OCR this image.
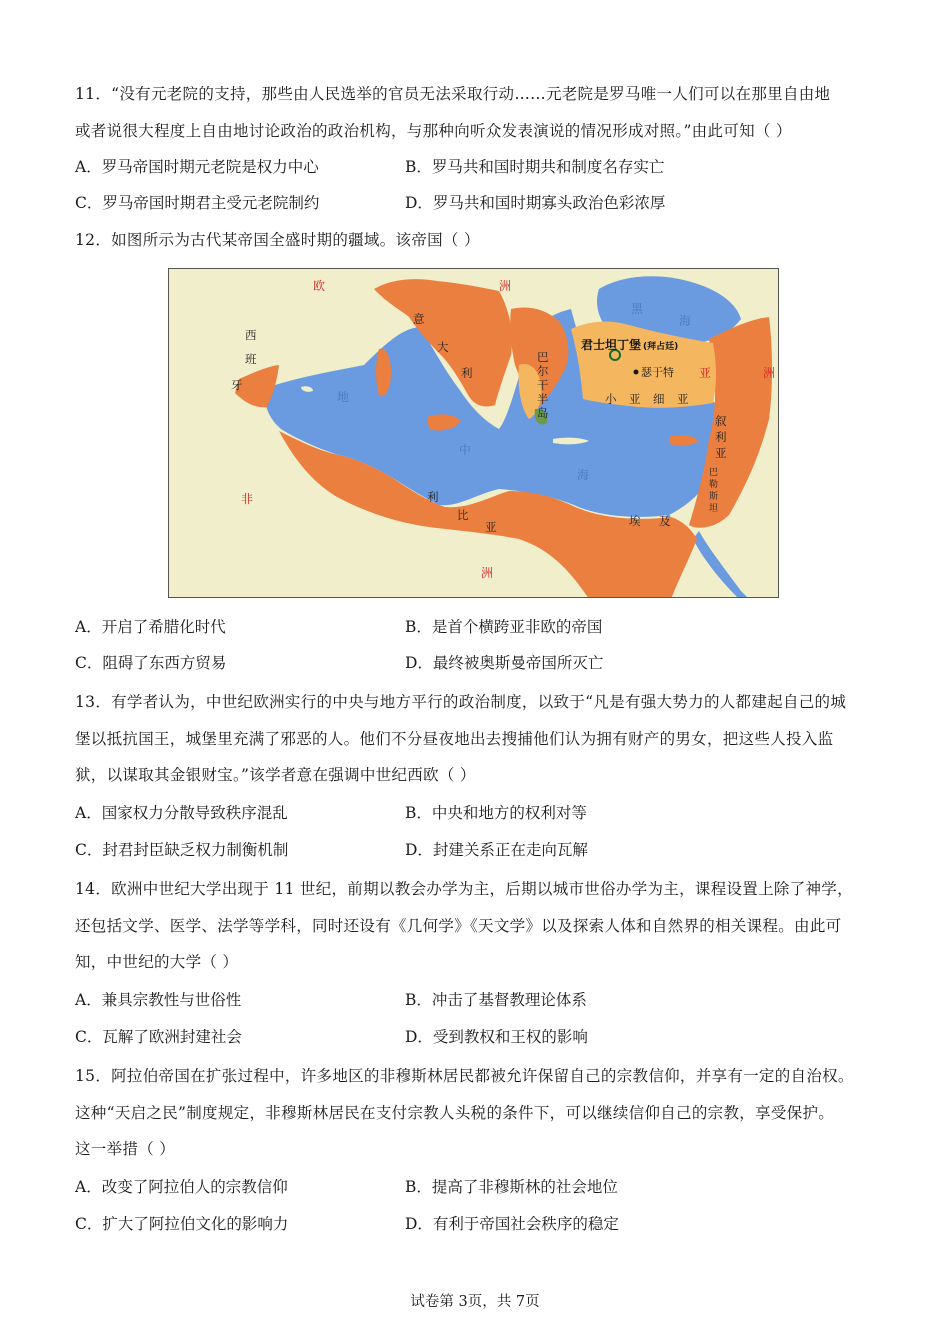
11．“没有元老院的支持，那些由人民选举的官员无法采取行动……元老院是罗马唯一人们可以在那里自由地

或者说很大程度上自由地讨论政治的政治机构，与那种向听众发表演说的情况形成对照。”由此可知（ ）

A．罗马帝国时期元老院是权力中心	B．罗马共和国时期共和制度名存实亡
C．罗马帝国时期君主受元老院制约	D．罗马共和国时期寡头政治色彩浓厚

12．如图所示为古代某帝国全盛时期的疆域。该帝国（ ）

欧	洲
亚	洲
非
洲
西
班
牙
意
大
利
巴
尔
干
半
岛
小 亚 细 亚
叙
利
亚
利
比
亚	埃 及
巴
勒
斯
坦
地
中
海
黑
海
君士坦丁堡 (拜占廷)
瑟于特
A．开启了希腊化时代	B．是首个横跨亚非欧的帝国
C．阻碍了东西方贸易	D．最终被奥斯曼帝国所灭亡

13．有学者认为，中世纪欧洲实行的中央与地方平行的政治制度，以致于“凡是有强大势力的人都建起自己的城

堡以抵抗国王，城堡里充满了邪恶的人。他们不分昼夜地出去搜捕他们认为拥有财产的男女，把这些人投入监

狱，以谋取其金银财宝。”该学者意在强调中世纪西欧（ ）

A．国家权力分散导致秩序混乱	B．中央和地方的权利对等
C．封君封臣缺乏权力制衡机制	D．封建关系正在走向瓦解

14．欧洲中世纪大学出现于 11 世纪，前期以教会办学为主，后期以城市世俗办学为主，课程设置上除了神学，

还包括文学、医学、法学等学科，同时还设有《几何学》《天文学》以及探索人体和自然界的相关课程。由此可

知，中世纪的大学（ ）

A．兼具宗教性与世俗性	B．冲击了基督教理论体系
C．瓦解了欧洲封建社会	D．受到教权和王权的影响

15．阿拉伯帝国在扩张过程中，许多地区的非穆斯林居民都被允许保留自己的宗教信仰，并享有一定的自治权。

这种“天启之民”制度规定，非穆斯林居民在支付宗教人头税的条件下，可以继续信仰自己的宗教，享受保护。

这一举措（ ）

A．改变了阿拉伯人的宗教信仰	B．提高了非穆斯林的社会地位
C．扩大了阿拉伯文化的影响力	D．有利于帝国社会秩序的稳定
试卷第 3页，共 7页
